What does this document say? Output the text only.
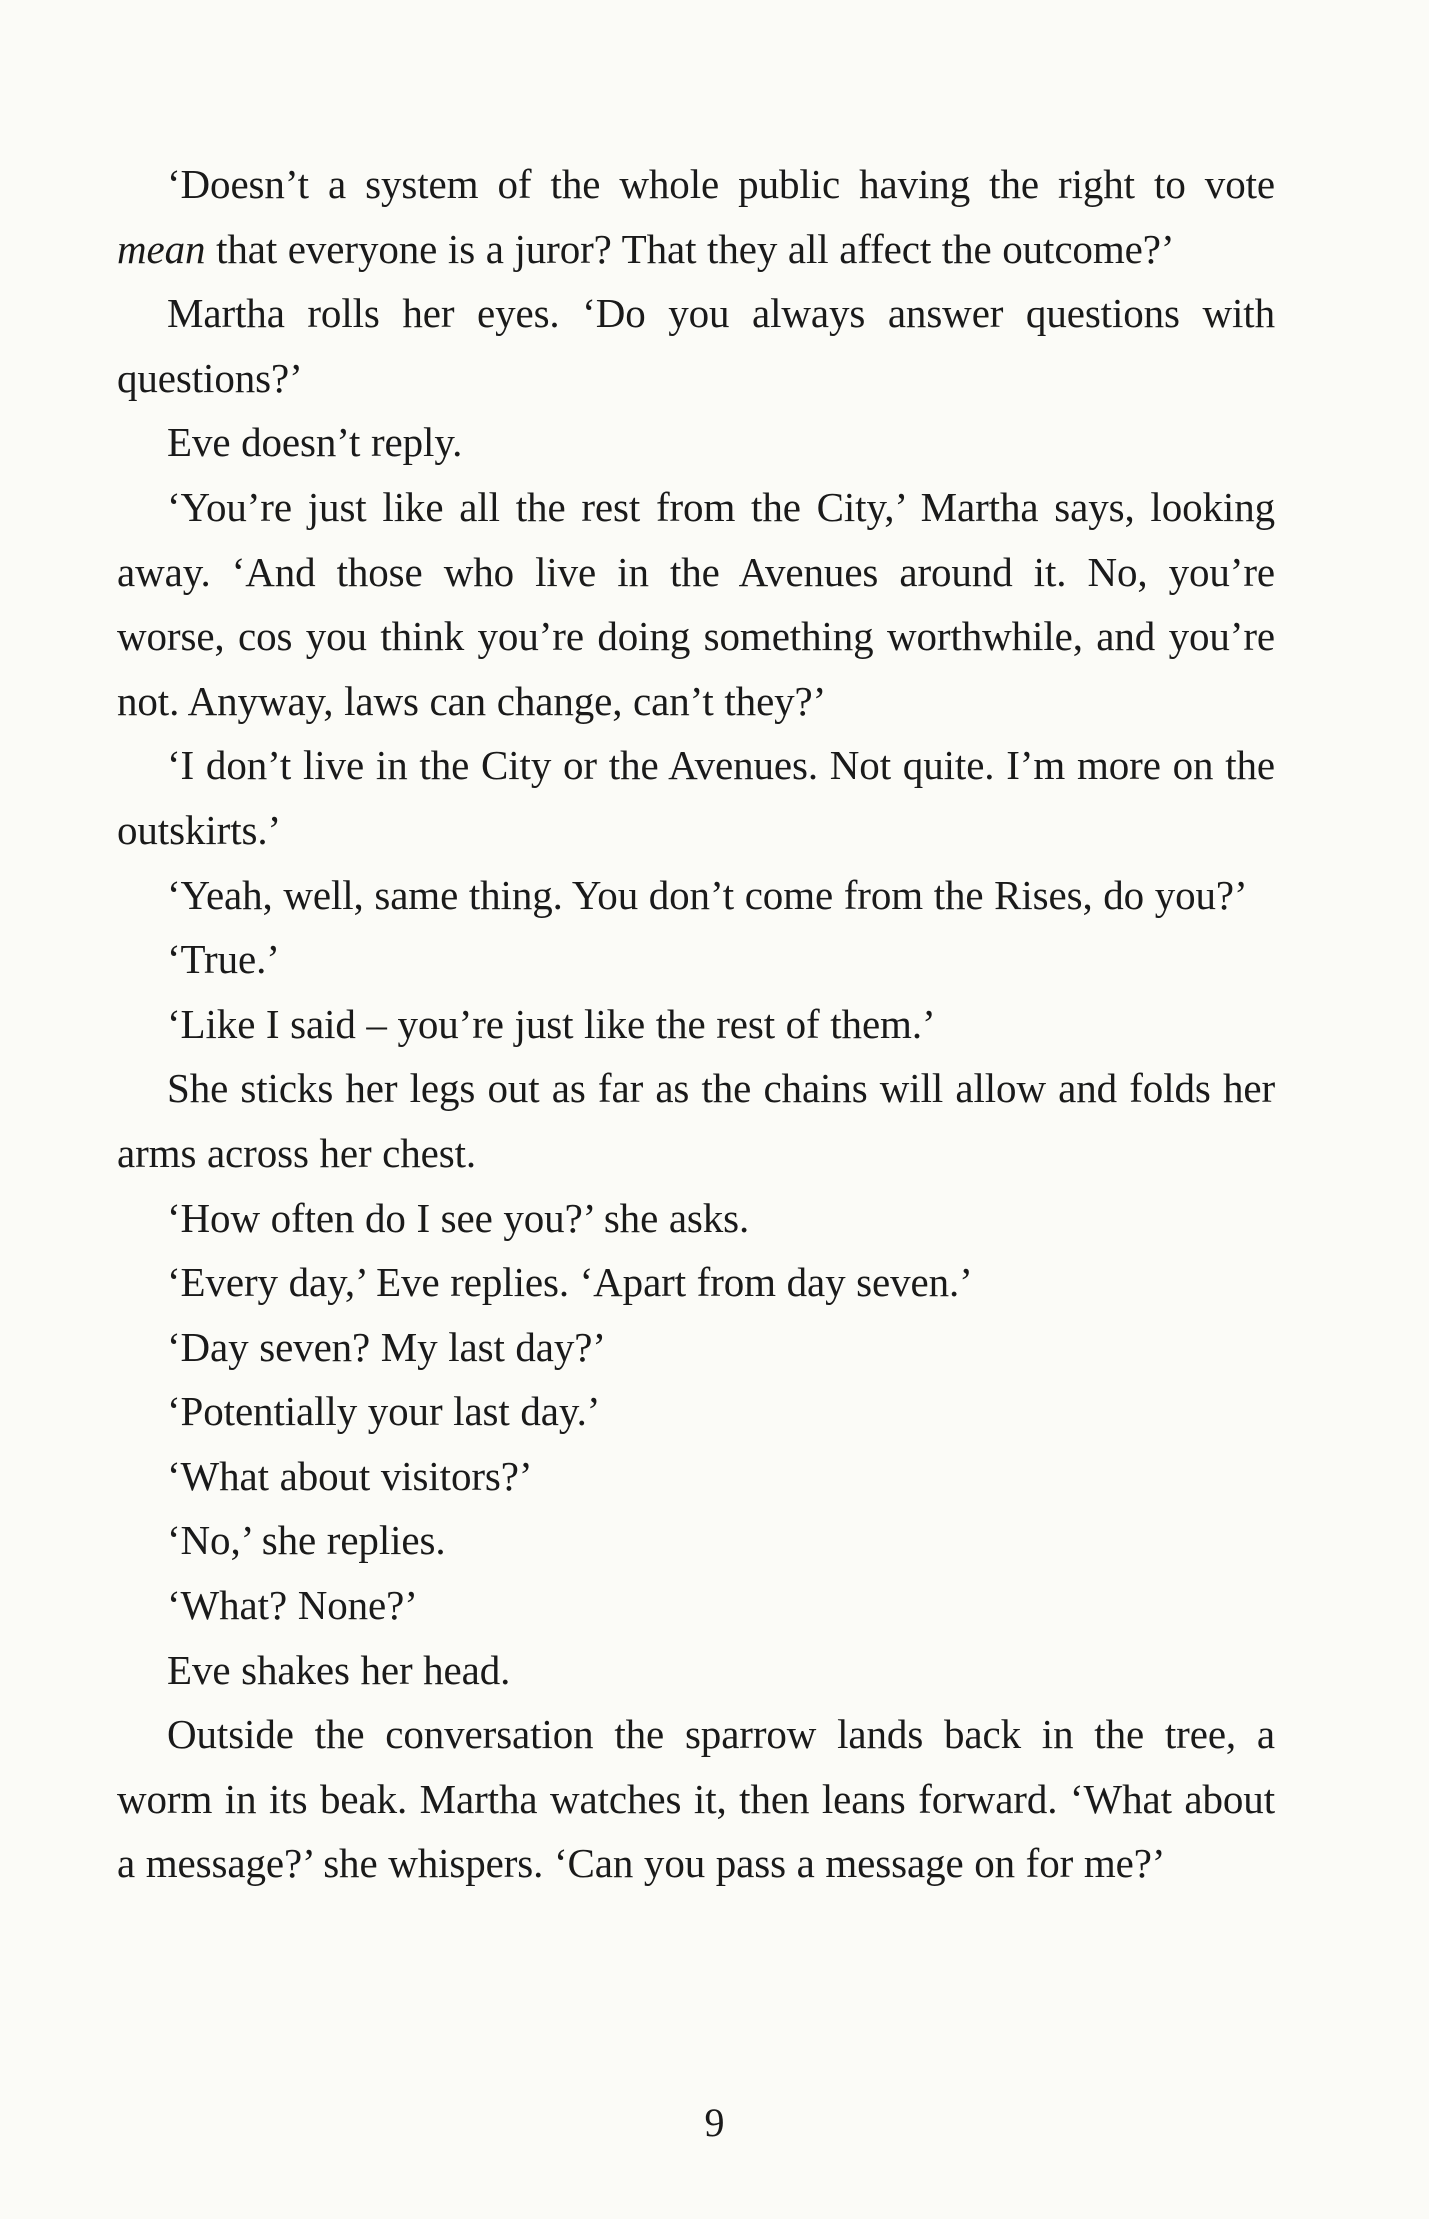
‘Doesn’t a system of the whole public having the right to vote mean that everyone is a juror? That they all affect the outcome?’

Martha rolls her eyes. ‘Do you always answer questions with questions?’

Eve doesn’t reply.

‘You’re just like all the rest from the City,’ Martha says, looking away. ‘And those who live in the Avenues around it. No, you’re worse, cos you think you’re doing something worthwhile, and you’re not. Anyway, laws can change, can’t they?’

‘I don’t live in the City or the Avenues. Not quite. I’m more on the outskirts.’

‘Yeah, well, same thing. You don’t come from the Rises, do you?’

‘True.’

‘Like I said – you’re just like the rest of them.’

She sticks her legs out as far as the chains will allow and folds her arms across her chest.

‘How often do I see you?’ she asks.

‘Every day,’ Eve replies. ‘Apart from day seven.’

‘Day seven? My last day?’

‘Potentially your last day.’

‘What about visitors?’

‘No,’ she replies.

‘What? None?’

Eve shakes her head.

Outside the conversation the sparrow lands back in the tree, a worm in its beak. Martha watches it, then leans forward. ‘What about a message?’ she whispers. ‘Can you pass a message on for me?’

9
